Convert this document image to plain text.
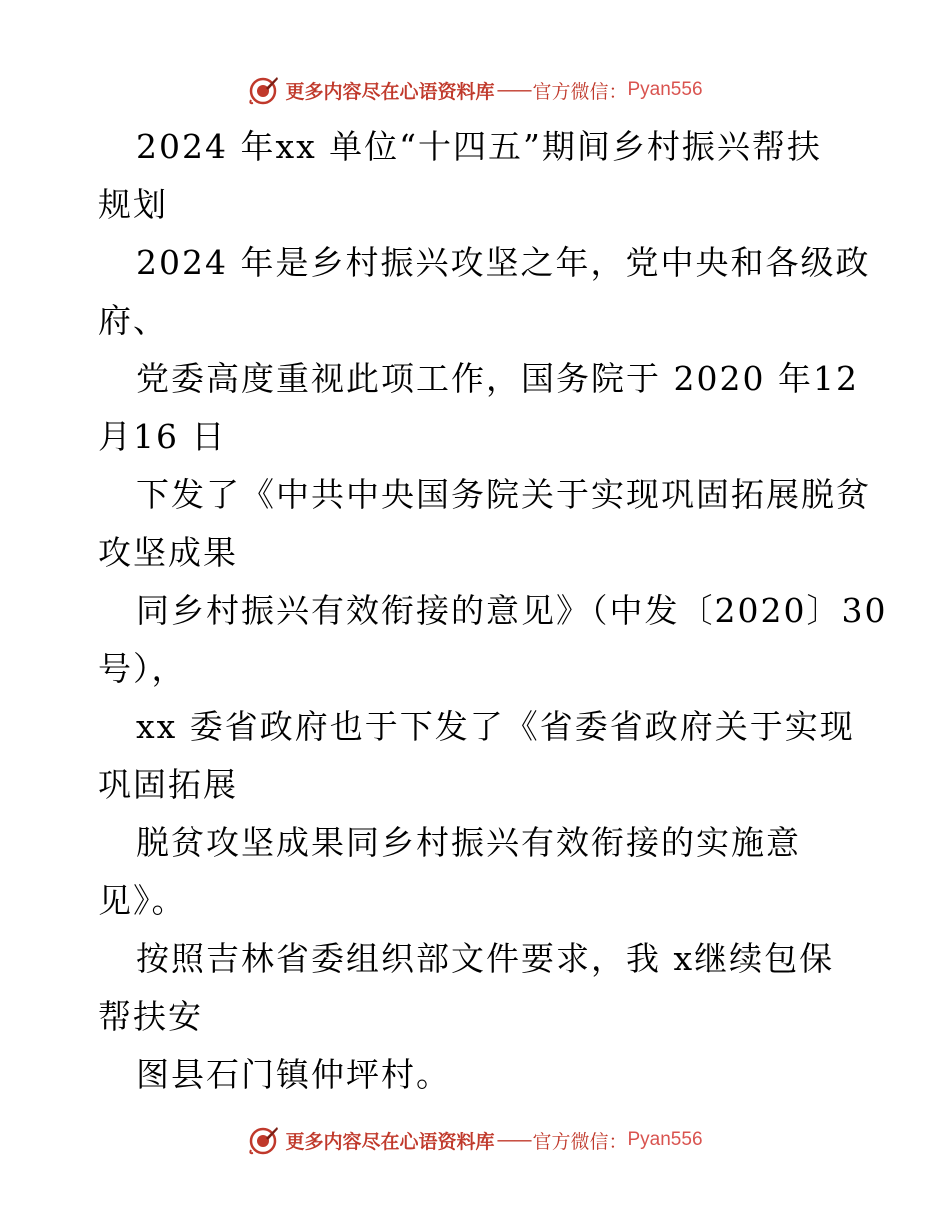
更多内容尽在心语资料库 —— 官方微信： Pyan556
2024 年xx 单位“十四五”期间乡村振兴帮扶
规划
2024 年是乡村振兴攻坚之年，党中央和各级政
府、
党委高度重视此项工作，国务院于 2020 年12
月16 日
下发了《中共中央国务院关于实现巩固拓展脱贫
攻坚成果
同乡村振兴有效衔接的意见》（中发〔2020〕30
号），
xx 委省政府也于下发了《省委省政府关于实现
巩固拓展
脱贫攻坚成果同乡村振兴有效衔接的实施意
见》。
按照吉林省委组织部文件要求，我 x继续包保
帮扶安
图县石门镇仲坪村。
更多内容尽在心语资料库 —— 官方微信： Pyan556
